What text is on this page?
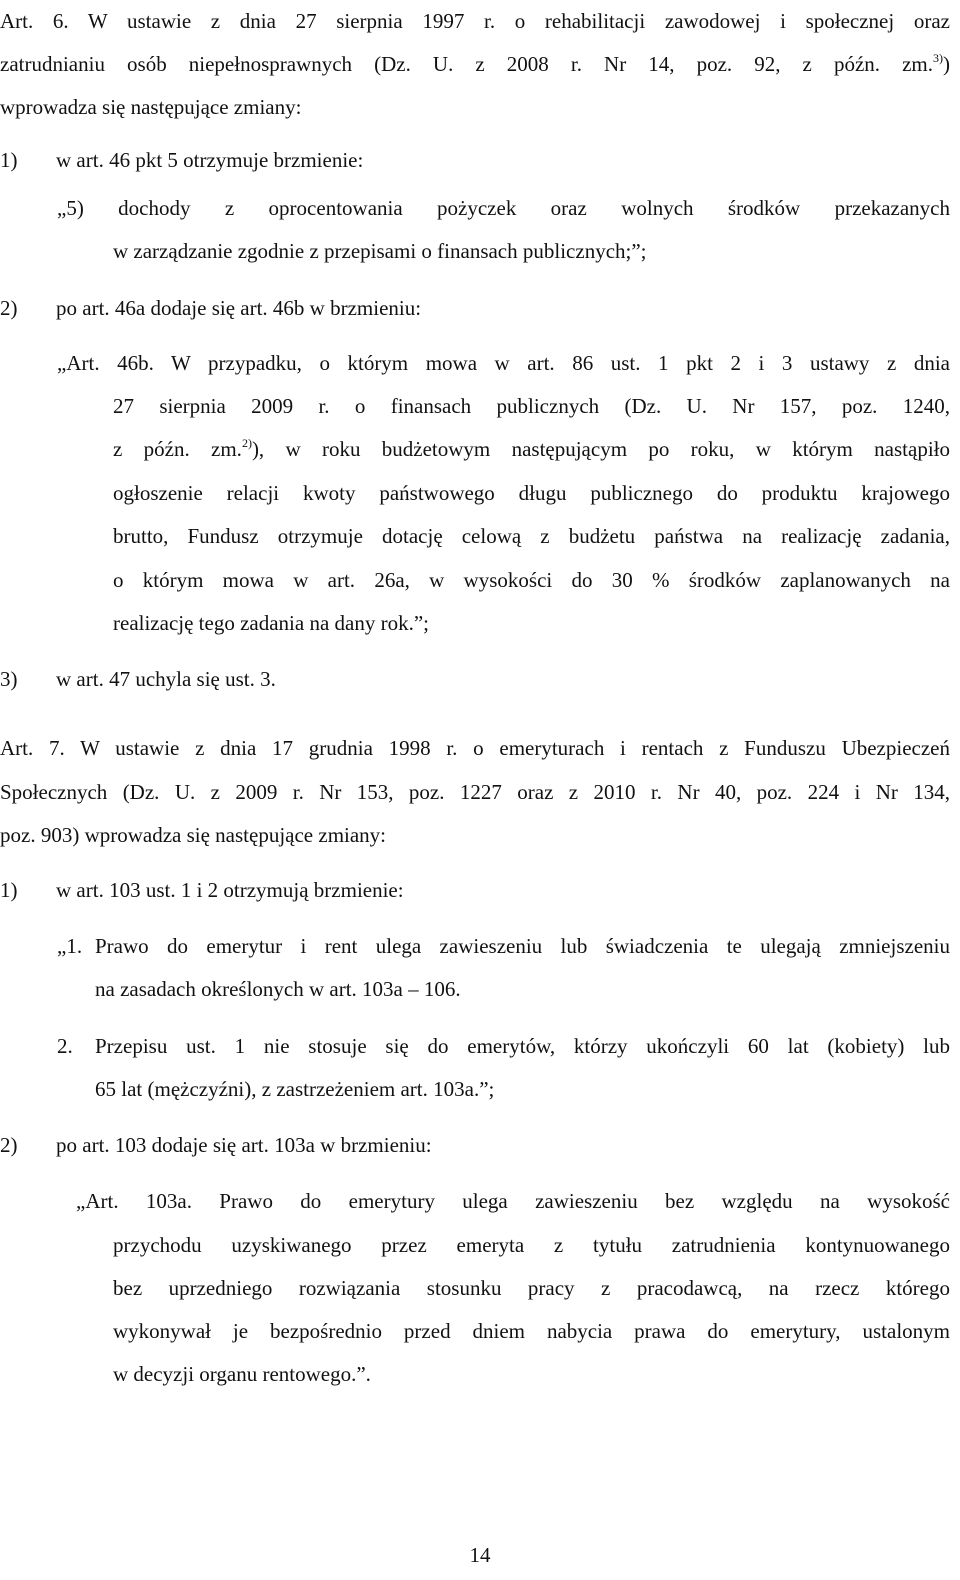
Art. 6. W ustawie z dnia 27 sierpnia 1997 r. o rehabilitacji zawodowej i społecznej oraz
zatrudnianiu osób niepełnosprawnych (Dz. U. z 2008 r. Nr 14, poz. 92, z późn. zm.$^{3)}$)
wprowadza się następujące zmiany:
1) w art. 46 pkt 5 otrzymuje brzmienie:
„5) dochody z oprocentowania pożyczek oraz wolnych środków przekazanych
w zarządzanie zgodnie z przepisami o finansach publicznych;”;
2) po art. 46a dodaje się art. 46b w brzmieniu:
„Art. 46b. W przypadku, o którym mowa w art. 86 ust. 1 pkt 2 i 3 ustawy z dnia
27 sierpnia 2009 r. o finansach publicznych (Dz. U. Nr 157, poz. 1240,
z późn. zm.$^{2)}$), w roku budżetowym następującym po roku, w którym nastąpiło
ogłoszenie relacji kwoty państwowego długu publicznego do produktu krajowego
brutto, Fundusz otrzymuje dotację celową z budżetu państwa na realizację zadania,
o którym mowa w art. 26a, w wysokości do 30 % środków zaplanowanych na
realizację tego zadania na dany rok.”;
3) w art. 47 uchyla się ust. 3.
Art. 7. W ustawie z dnia 17 grudnia 1998 r. o emeryturach i rentach z Funduszu Ubezpieczeń
Społecznych (Dz. U. z 2009 r. Nr 153, poz. 1227 oraz z 2010 r. Nr 40, poz. 224 i Nr 134,
poz. 903) wprowadza się następujące zmiany:
1) w art. 103 ust. 1 i 2 otrzymują brzmienie:
„1. Prawo do emerytur i rent ulega zawieszeniu lub świadczenia te ulegają zmniejszeniu
na zasadach określonych w art. 103a – 106.
2. Przepisu ust. 1 nie stosuje się do emerytów, którzy ukończyli 60 lat (kobiety) lub
65 lat (mężczyźni), z zastrzeżeniem art. 103a.”;
2) po art. 103 dodaje się art. 103a w brzmieniu:
„Art. 103a. Prawo do emerytury ulega zawieszeniu bez względu na wysokość
przychodu uzyskiwanego przez emeryta z tytułu zatrudnienia kontynuowanego
bez uprzedniego rozwiązania stosunku pracy z pracodawcą, na rzecz którego
wykonywał je bezpośrednio przed dniem nabycia prawa do emerytury, ustalonym
w decyzji organu rentowego.”.
14
